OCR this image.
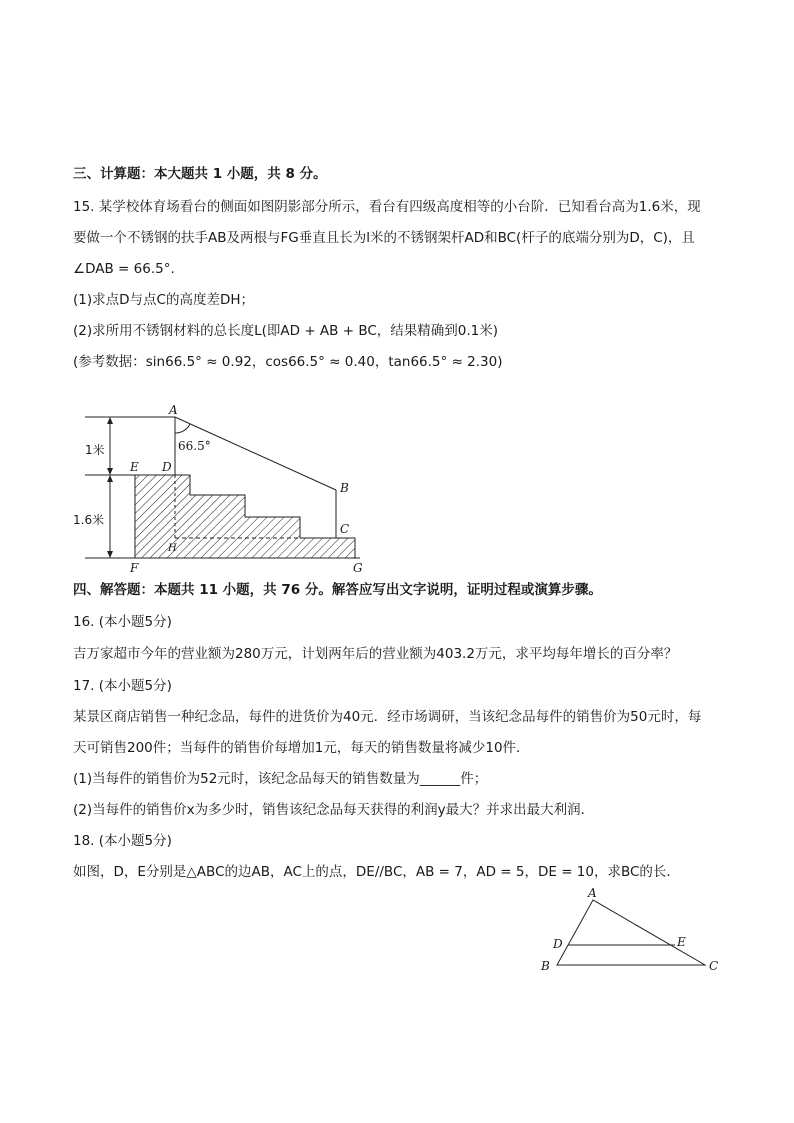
三、计算题：本大题共 1 小题，共 8 分。
15. 某学校体育场看台的侧面如图阴影部分所示，看台有四级高度相等的小台阶．已知看台高为1.6米，现
要做一个不锈钢的扶手AB及两根与FG垂直且长为l米的不锈钢架杆AD和BC(杆子的底端分别为D，C)，且
∠DAB = 66.5°.
(1)求点D与点C的高度差DH；
(2)求所用不锈钢材料的总长度L(即AD + AB + BC，结果精确到0.1米)
(参考数据：sin66.5° ≈ 0.92，cos66.5° ≈ 0.40，tan66.5° ≈ 2.30)
A
B
C
D
E
F	G
H
66.5°
1米
1.6米
四、解答题：本题共 11 小题，共 76 分。解答应写出文字说明，证明过程或演算步骤。
16. (本小题5分)
吉万家超市今年的营业额为280万元，计划两年后的营业额为403.2万元，求平均每年增长的百分率？
17. (本小题5分)
某景区商店销售一种纪念品，每件的进货价为40元．经市场调研，当该纪念品每件的销售价为50元时，每
天可销售200件；当每件的销售价每增加1元，每天的销售数量将减少10件．
(1)当每件的销售价为52元时，该纪念品每天的销售数量为______件；
(2)当每件的销售价x为多少时，销售该纪念品每天获得的利润y最大？并求出最大利润．
18. (本小题5分)
如图，D，E分别是△ABC的边AB，AC上的点，DE//BC，AB = 7，AD = 5，DE = 10，求BC的长．
A
B	C
D	E
